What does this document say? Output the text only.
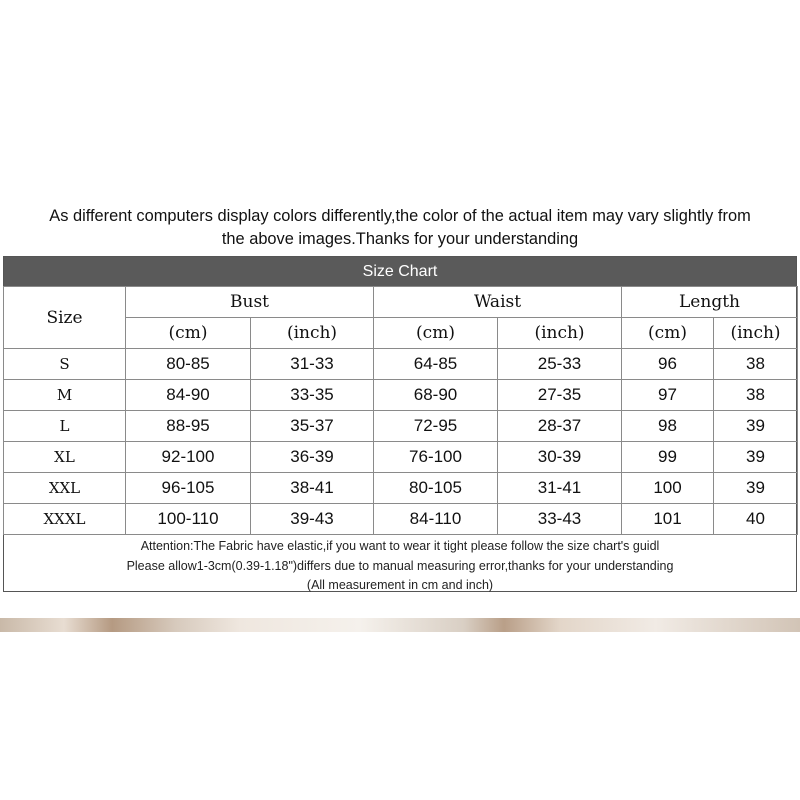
As different computers display colors differently,the color of the actual item may vary slightly from
the above images.Thanks for your understanding
Size Chart
Size	Bust		Waist		Length	
	(cm)	(inch)	(cm)	(inch)	(cm)	(inch)
S	80-85	31-33	64-85	25-33	96	38
M	84-90	33-35	68-90	27-35	97	38
L	88-95	35-37	72-95	28-37	98	39
XL	92-100	36-39	76-100	30-39	99	39
XXL	96-105	38-41	80-105	31-41	100	39
XXXL	100-110	39-43	84-110	33-43	101	40
Attention:The Fabric have elastic,if you want to wear it tight please follow the size chart's guidl
Please allow1-3cm(0.39-1.18")differs due to manual measuring error,thanks for your understanding
(All measurement in cm and inch)
